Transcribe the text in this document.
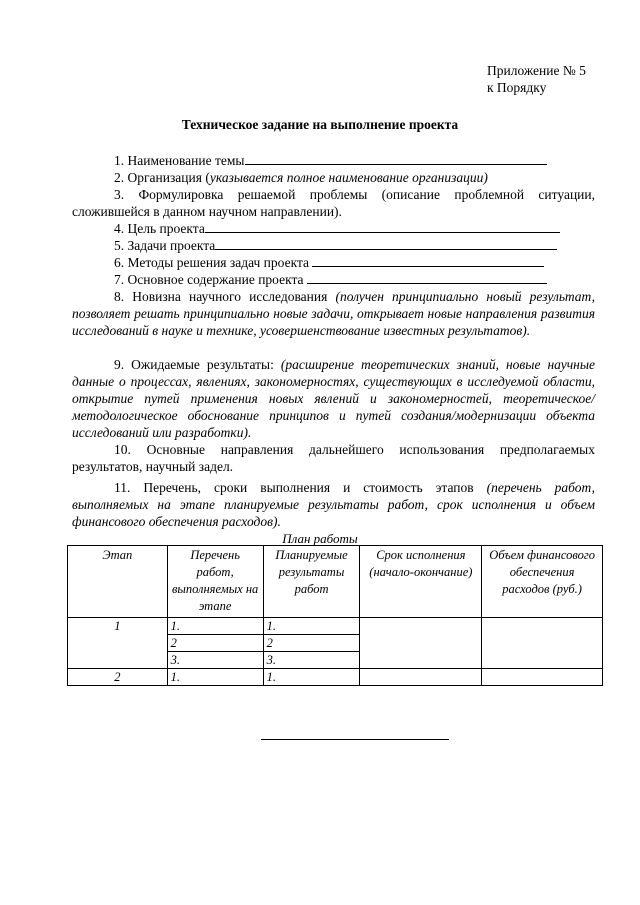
Приложение № 5
к Порядку
Техническое задание на выполнение проекта
1. Наименование темы
2. Организация (указывается полное наименование организации)
3. Формулировка решаемой проблемы (описание проблемной ситуации, сложившейся в данном научном направлении).
4. Цель проекта
5. Задачи проекта
6. Методы решения задач проекта
7. Основное содержание проекта
8. Новизна научного исследования (получен принципиально новый результат, позволяет решать принципиально новые задачи, открывает новые направления развития исследований в науке и технике, усовершенствование известных результатов).
9. Ожидаемые результаты: (расширение теоретических знаний, новые научные данные о процессах, явлениях, закономерностях, существующих в исследуемой области, открытие путей применения новых явлений и закономерностей, теоретическое/ методологическое обоснование принципов и путей создания/модернизации объекта исследований или разработки).
10. Основные направления дальнейшего использования предполагаемых результатов, научный задел.
11. Перечень, сроки выполнения и стоимость этапов (перечень работ, выполняемых на этапе планируемые результаты работ, срок исполнения и объем финансового обеспечения расходов).
План работы
Этап	Перечень работ, выполняемых на этапе	Планируемые результаты работ	Срок исполнения (начало-окончание)	Объем финансового обеспечения расходов (руб.)
1	1.	1.		
	2	2		
	3.	3.		
2	1.	1.		
